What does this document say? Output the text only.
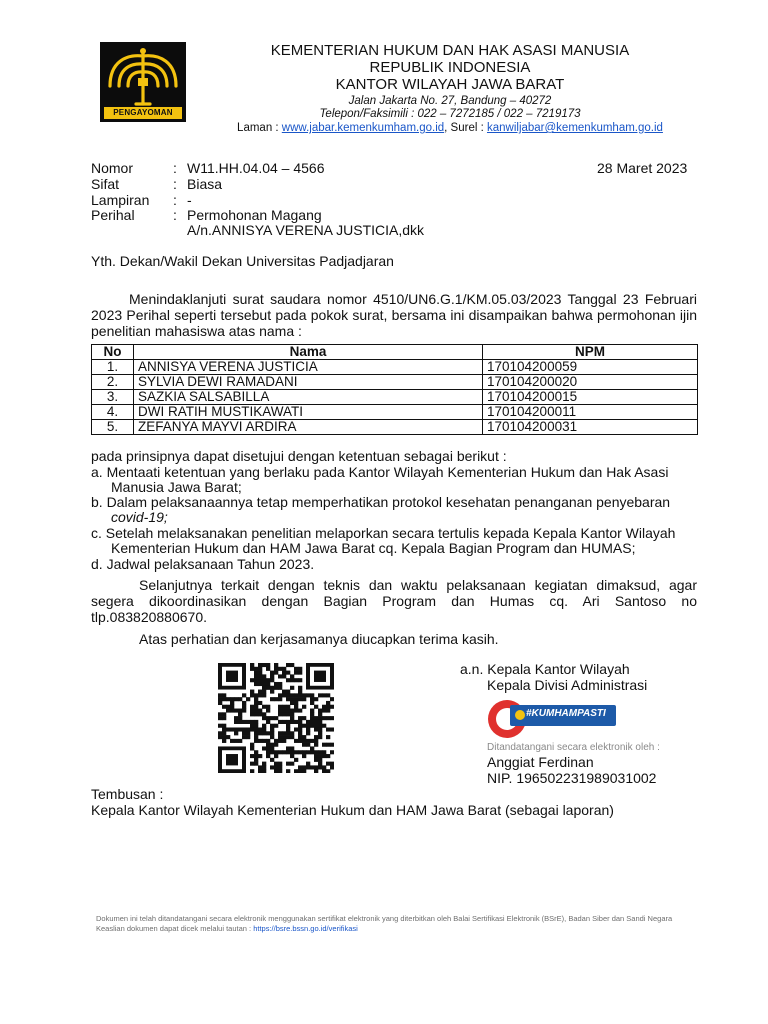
PENGAYOMAN
KEMENTERIAN HUKUM DAN HAK ASASI MANUSIA
REPUBLIK INDONESIA
KANTOR WILAYAH JAWA BARAT
Jalan Jakarta No. 27, Bandung – 40272
Telepon/Faksimili : 022 – 7272185 / 022 – 7219173
Laman : www.jabar.kemenkumham.go.id, Surel : kanwiljabar@kemenkumham.go.id
Nomor	: W11.HH.04.04 – 4566	28 Maret 2023
Sifat	: Biasa
Lampiran : -
Perihal	: Permohonan Magang
A/n.ANNISYA VERENA JUSTICIA,dkk
Yth. Dekan/Wakil Dekan Universitas Padjadjaran
Menindaklanjuti surat saudara nomor 4510/UN6.G.1/KM.05.03/2023 Tanggal 23 Februari 2023 Perihal seperti tersebut pada pokok surat, bersama ini disampaikan bahwa permohonan ijin penelitian mahasiswa atas nama :
No	Nama	NPM
1.	ANNISYA VERENA JUSTICIA	170104200059
2.	SYLVIA DEWI RAMADANI	170104200020
3.	SAZKIA SALSABILLA	170104200015
4.	DWI RATIH MUSTIKAWATI	170104200011
5.	ZEFANYA MAYVI ARDIRA	170104200031
pada prinsipnya dapat disetujui dengan ketentuan sebagai berikut :
a. Mentaati ketentuan yang berlaku pada Kantor Wilayah Kementerian Hukum dan Hak Asasi
Manusia Jawa Barat;
b. Dalam pelaksanaannya tetap memperhatikan protokol kesehatan penanganan penyebaran
covid-19;
c. Setelah melaksanakan penelitian melaporkan secara tertulis kepada Kepala Kantor Wilayah
Kementerian Hukum dan HAM Jawa Barat cq. Kepala Bagian Program dan HUMAS;
d. Jadwal pelaksanaan Tahun 2023.
Selanjutnya terkait dengan teknis dan waktu pelaksanaan kegiatan dimaksud, agar segera dikoordinasikan dengan Bagian Program dan Humas cq. Ari Santoso no tlp.083820880670.
Atas perhatian dan kerjasamanya diucapkan terima kasih.
a.n. Kepala Kantor Wilayah
Kepala Divisi Administrasi
#KUMHAMPASTI
Ditandatangani secara elektronik oleh :
Anggiat Ferdinan
NIP. 196502231989031002
Tembusan :
Kepala Kantor Wilayah Kementerian Hukum dan HAM Jawa Barat (sebagai laporan)
Dokumen ini telah ditandatangani secara elektronik menggunakan sertifikat elektronik yang diterbitkan oleh Balai Sertifikasi Elektronik (BSrE), Badan Siber dan Sandi Negara
Keaslian dokumen dapat dicek melalui tautan : https://bsre.bssn.go.id/verifikasi
